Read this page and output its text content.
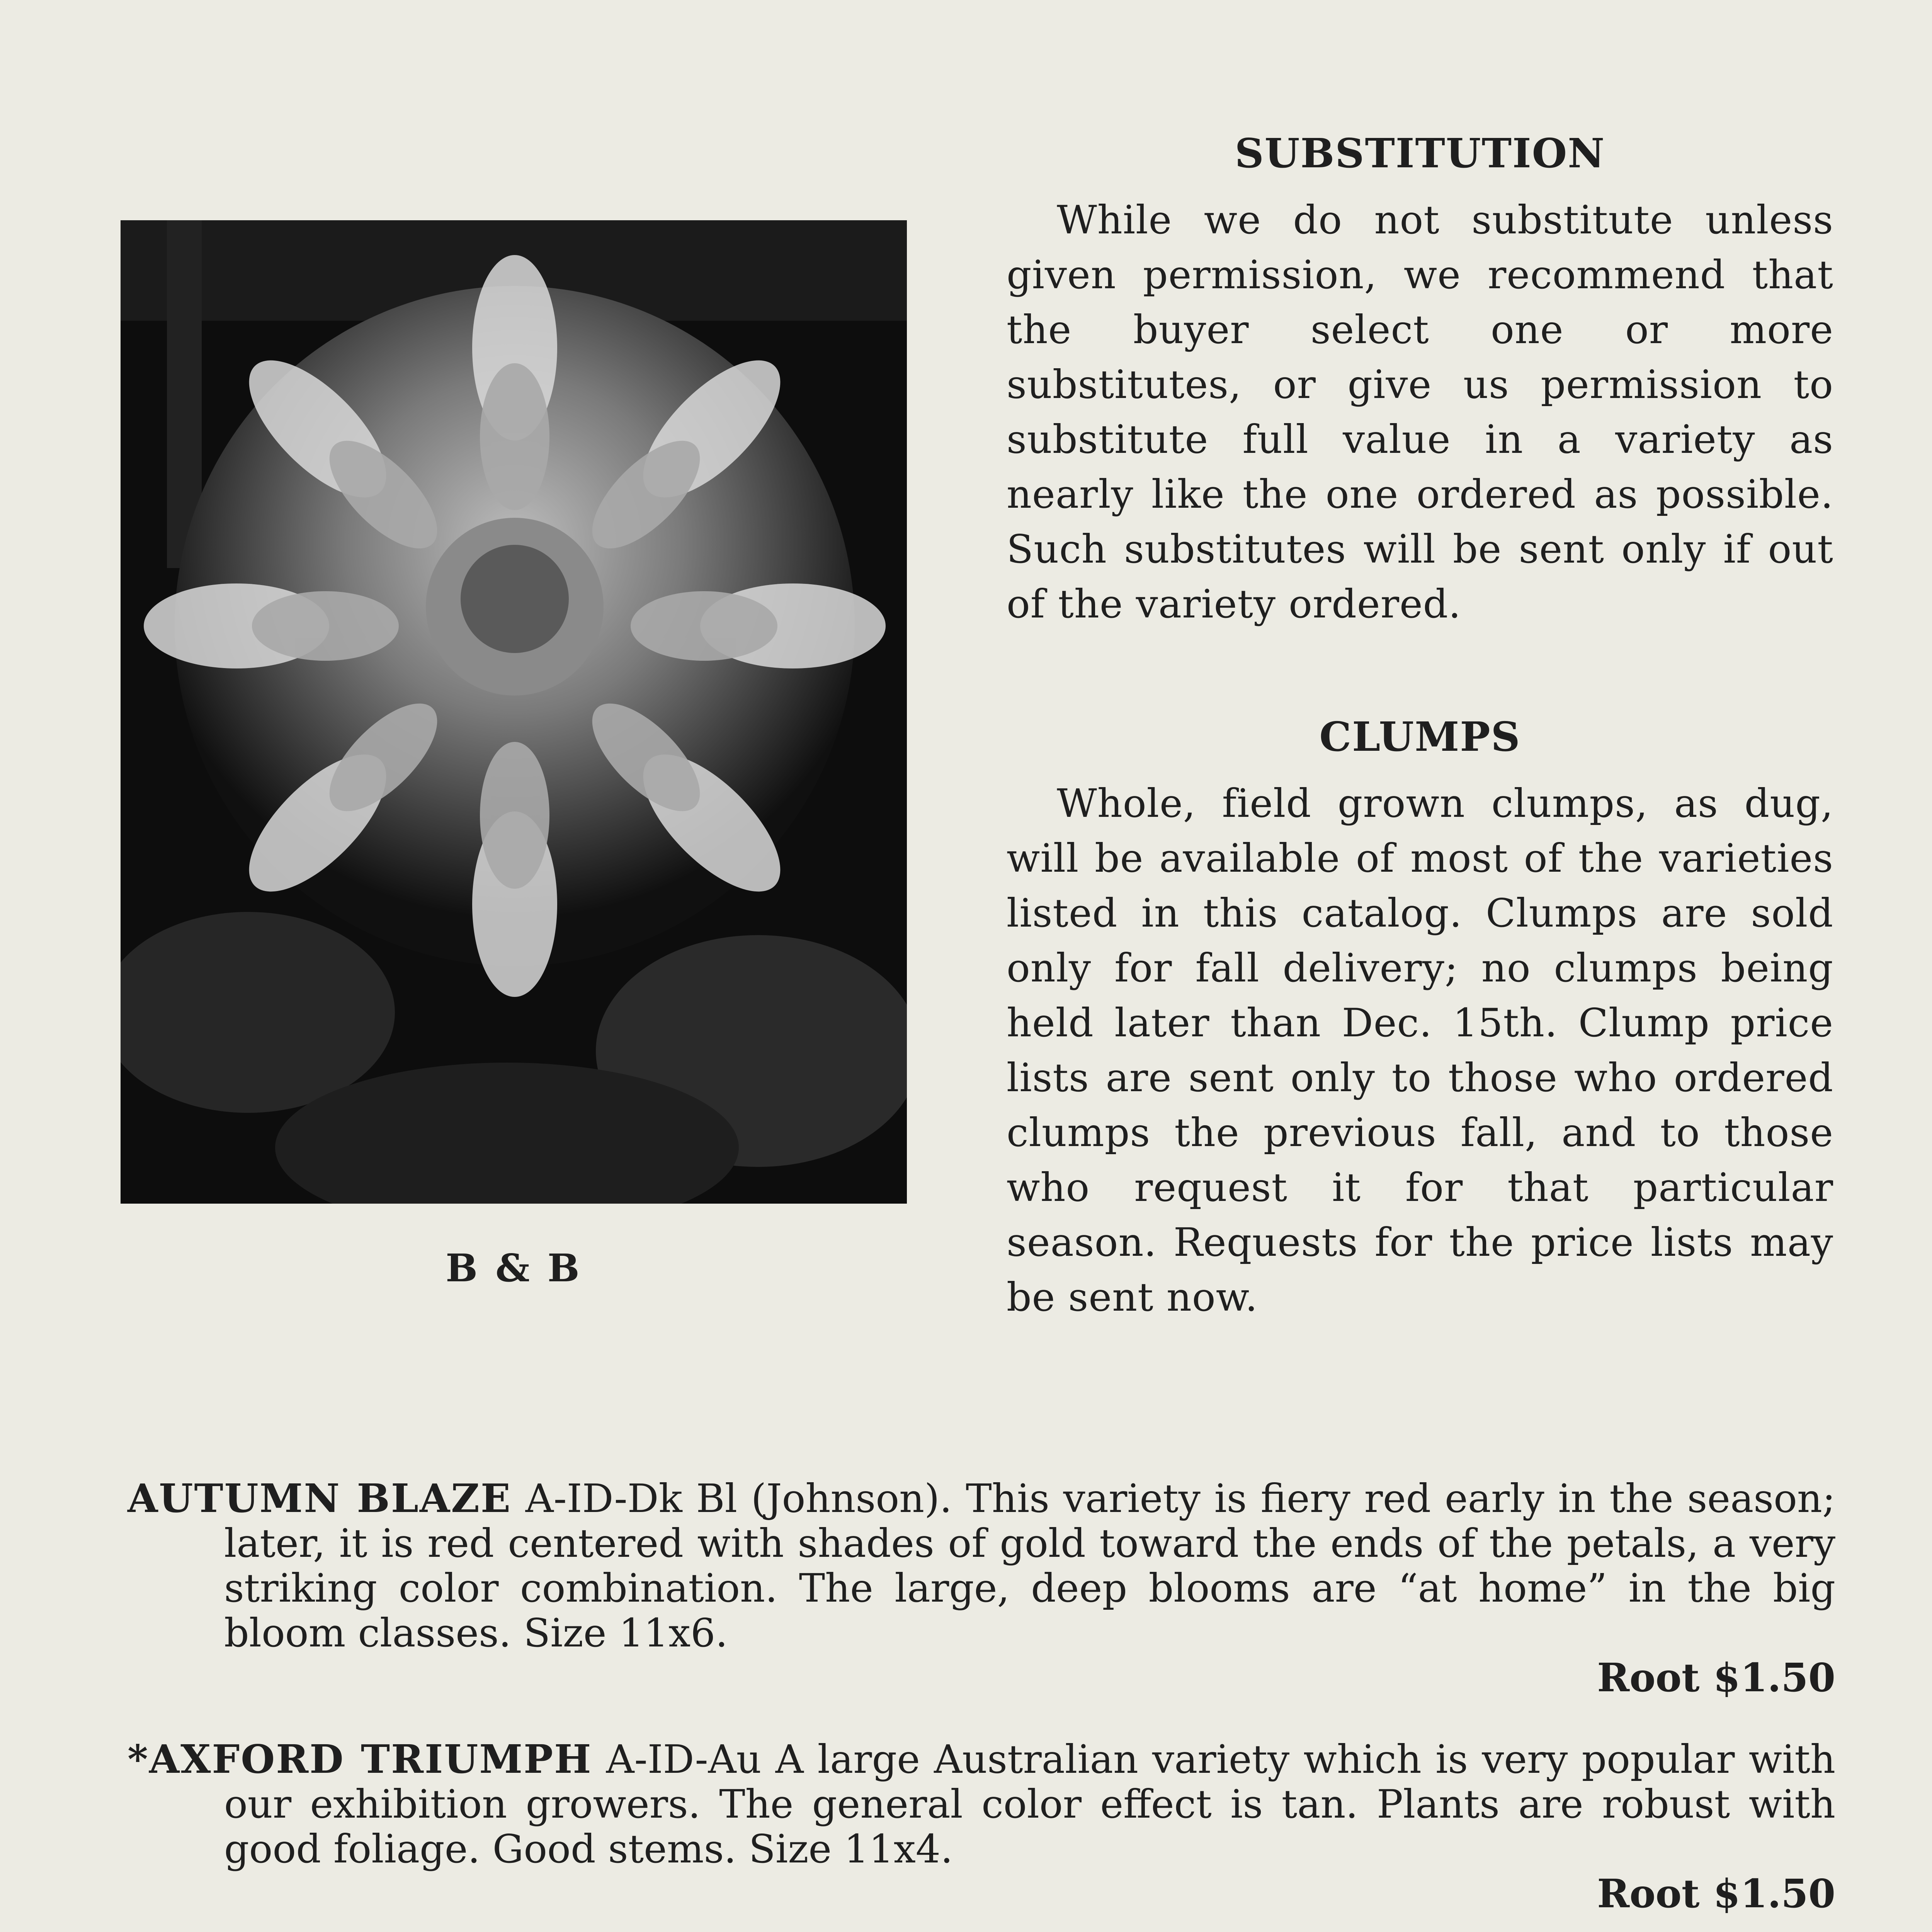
B & B
SUBSTITUTION

While we do not substitute unless given permission, we recommend that the buyer select one or more substitutes, or give us permission to substitute full value in a variety as nearly like the one ordered as possible. Such substitutes will be sent only if out of the variety ordered.

CLUMPS

Whole, field grown clumps, as dug, will be available of most of the varieties listed in this catalog. Clumps are sold only for fall delivery; no clumps being held later than Dec. 15th. Clump price lists are sent only to those who ordered clumps the previous fall, and to those who request it for that particular season. Requests for the price lists may be sent now.

AUTUMN BLAZE A-ID-Dk Bl (Johnson). This variety is fiery red early in the season; later, it is red centered with shades of gold toward the ends of the petals, a very striking color combination. The large, deep blooms are “at home” in the big bloom classes. Size 11x6.
Root $1.50
*AXFORD TRIUMPH A-ID-Au A large Australian variety which is very popular with our exhibition growers. The general color effect is tan. Plants are robust with good foliage. Good stems. Size 11x4.
Root $1.50
